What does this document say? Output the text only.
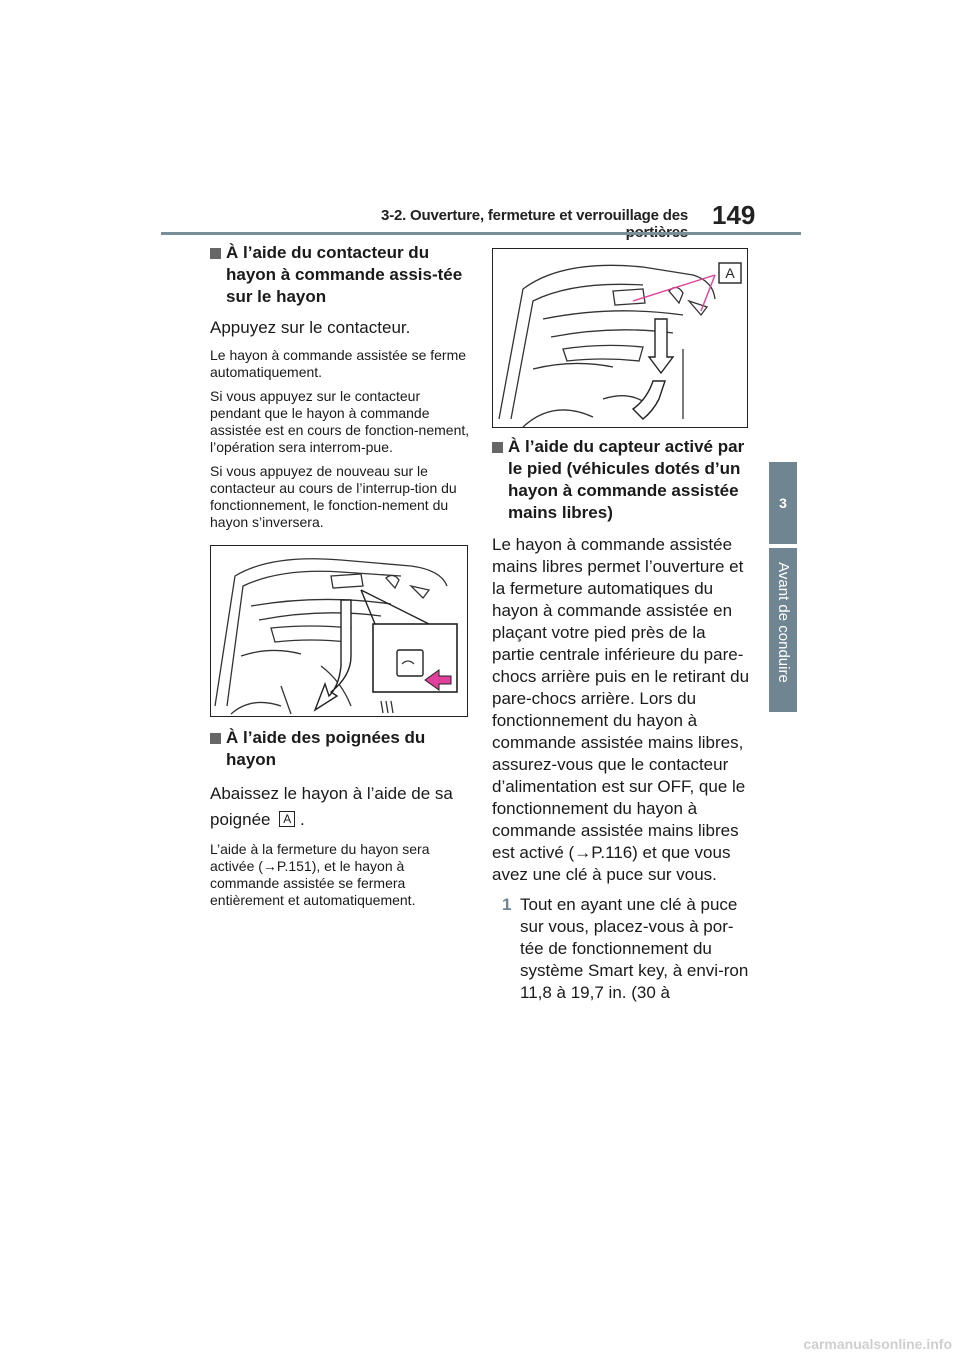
3-2. Ouverture, fermeture et verrouillage des 149
3
Avant de conduire
À l’aide du contacteur du hayon à commande assis-tée sur le hayon

Appuyez sur le contacteur.

Le hayon à commande assistée se ferme automatiquement.

Si vous appuyez sur le contacteur pendant que le hayon à commande assistée est en cours de fonction-nement, l’opération sera interrom-pue.

Si vous appuyez de nouveau sur le contacteur au cours de l’interrup-tion du fonctionnement, le fonction-nement du hayon s’inversera.

À l’aide des poignées du hayon

Abaissez le hayon à l’aide de sa
poignée A .

L’aide à la fermeture du hayon sera activée (→P.151), et le hayon à commande assistée se fermera entièrement et automatiquement.

A
À l’aide du capteur activé par le pied (véhicules dotés d’un hayon à commande assistée mains libres)

Le hayon à commande assistée mains libres permet l’ouverture et la fermeture automatiques du hayon à commande assistée en plaçant votre pied près de la partie centrale inférieure du pare-chocs arrière puis en le retirant du pare-chocs arrière. Lors du fonctionnement du hayon à commande assistée mains libres, assurez-vous que le contacteur d’alimentation est sur OFF, que le fonctionnement du hayon à commande assistée mains libres est activé (→P.116) et que vous avez une clé à puce sur vous.

1 Tout en ayant une clé à puce sur vous, placez-vous à por-tée de fonctionnement du système Smart key, à envi-ron 11,8 à 19,7 in. (30 à
carmanualsonline.info
